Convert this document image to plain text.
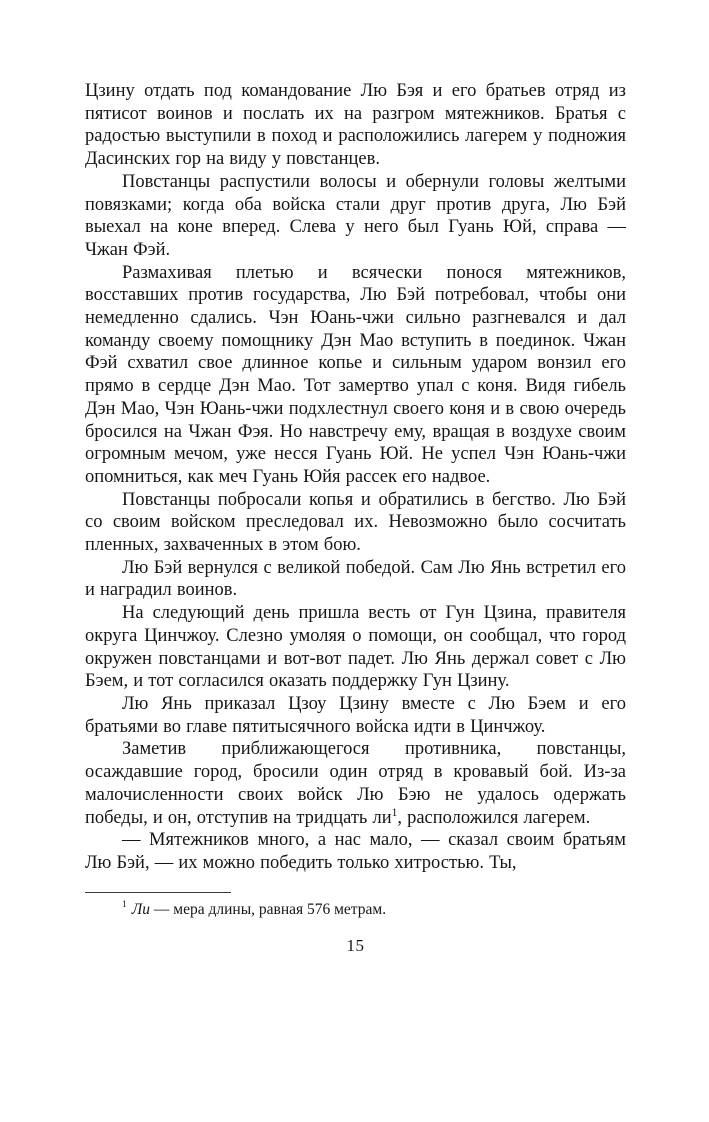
Цзину отдать под командование Лю Бэя и его братьев отряд из пятисот воинов и послать их на разгром мятежников. Братья с радостью выступили в поход и расположились лагерем у подножия Дасинских гор на виду у повстанцев.

Повстанцы распустили волосы и обернули головы желтыми повязками; когда оба войска стали друг против друга, Лю Бэй выехал на коне вперед. Слева у него был Гуань Юй, справа — Чжан Фэй.

Размахивая плетью и всячески понося мятежников, восставших против государства, Лю Бэй потребовал, чтобы они немедленно сдались. Чэн Юань-чжи сильно разгневался и дал команду своему помощнику Дэн Мао вступить в поединок. Чжан Фэй схватил свое длинное копье и сильным ударом вонзил его прямо в сердце Дэн Мао. Тот замертво упал с коня. Видя гибель Дэн Мао, Чэн Юань-чжи подхлестнул своего коня и в свою очередь бросился на Чжан Фэя. Но навстречу ему, вращая в воздухе своим огромным мечом, уже несся Гуань Юй. Не успел Чэн Юань-чжи опомниться, как меч Гуань Юйя рассек его надвое.

Повстанцы побросали копья и обратились в бегство. Лю Бэй со своим войском преследовал их. Невозможно было сосчитать пленных, захваченных в этом бою.

Лю Бэй вернулся с великой победой. Сам Лю Янь встретил его и наградил воинов.

На следующий день пришла весть от Гун Цзина, правителя округа Цинчжоу. Слезно умоляя о помощи, он сообщал, что город окружен повстанцами и вот-вот падет. Лю Янь держал совет с Лю Бэем, и тот согласился оказать поддержку Гун Цзину.

Лю Янь приказал Цзоу Цзину вместе с Лю Бэем и его братьями во главе пятитысячного войска идти в Цинчжоу.

Заметив приближающегося противника, повстанцы, осаждавшие город, бросили один отряд в кровавый бой. Из-за малочисленности своих войск Лю Бэю не удалось одержать победы, и он, отступив на тридцать ли$^1$, расположился лагерем.

— Мятежников много, а нас мало, — сказал своим братьям Лю Бэй, — их можно победить только хитростью. Ты,

$^1$ Ли — мера длины, равная 576 метрам.

15
